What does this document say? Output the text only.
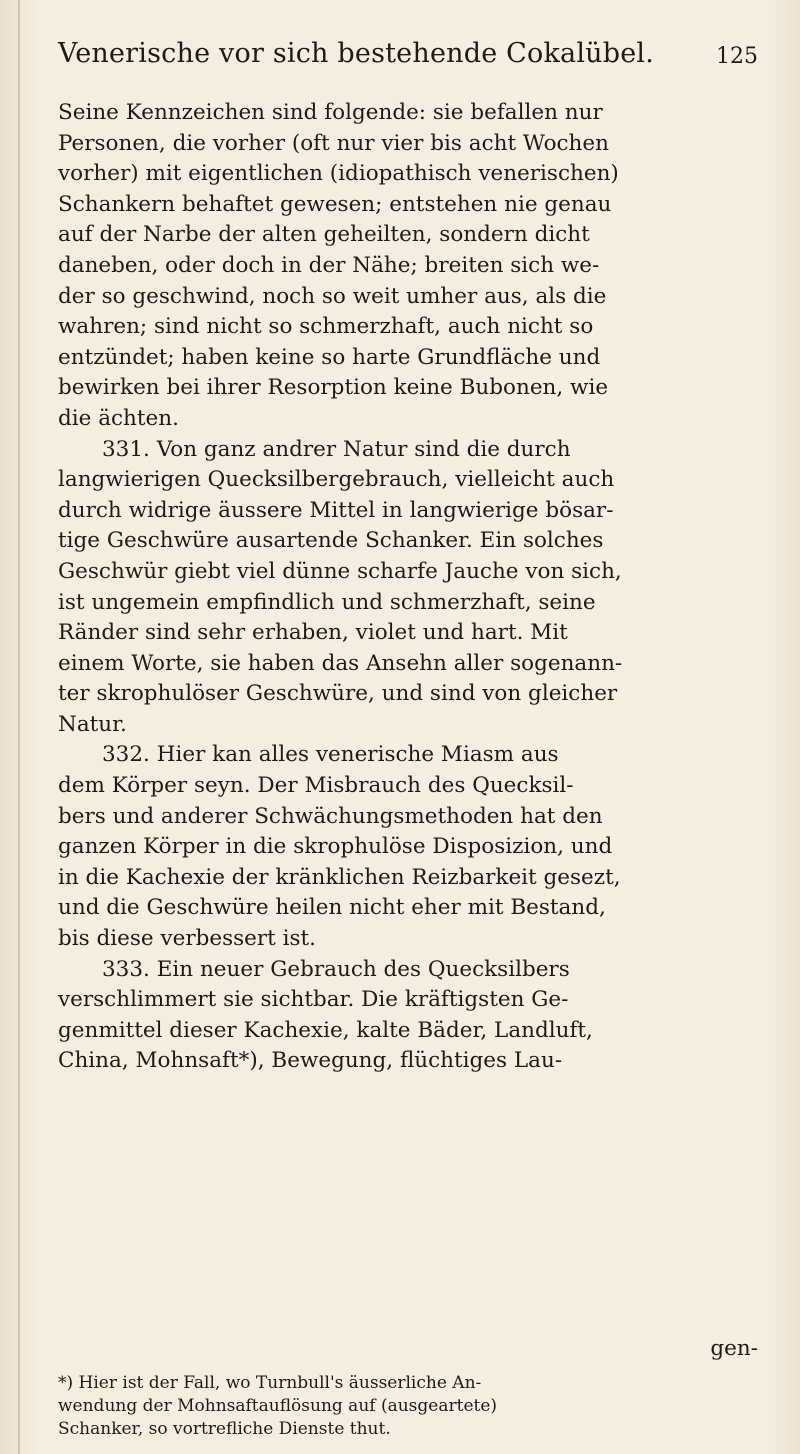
Venerische vor sich bestehende Cokalübel.	125
Seine Kennzeichen sind folgende: sie befallen nur
Personen, die vorher (oft nur vier bis acht Wochen
vorher) mit eigentlichen (idiopathisch venerischen)
Schankern behaftet gewesen; entstehen nie genau
auf der Narbe der alten geheilten, sondern dicht
daneben, oder doch in der Nähe; breiten sich we-
der so geschwind, noch so weit umher aus, als die
wahren; sind nicht so schmerzhaft, auch nicht so
entzündet; haben keine so harte Grundfläche und
bewirken bei ihrer Resorption keine Bubonen, wie
die ächten.
331. Von ganz andrer Natur sind die durch
langwierigen Quecksilbergebrauch, vielleicht auch
durch widrige äussere Mittel in langwierige bösar-
tige Geschwüre ausartende Schanker. Ein solches
Geschwür giebt viel dünne scharfe Jauche von sich,
ist ungemein empfindlich und schmerzhaft, seine
Ränder sind sehr erhaben, violet und hart. Mit
einem Worte, sie haben das Ansehn aller sogenann-
ter skrophulöser Geschwüre, und sind von gleicher
Natur.
332. Hier kan alles venerische Miasm aus
dem Körper seyn. Der Misbrauch des Quecksil-
bers und anderer Schwächungsmethoden hat den
ganzen Körper in die skrophulöse Disposizion, und
in die Kachexie der kränklichen Reizbarkeit gesezt,
und die Geschwüre heilen nicht eher mit Bestand,
bis diese verbessert ist.
333. Ein neuer Gebrauch des Quecksilbers
verschlimmert sie sichtbar. Die kräftigsten Ge-
genmittel dieser Kachexie, kalte Bäder, Landluft,
China, Mohnsaft*), Bewegung, flüchtiges Lau-
gen-
*) Hier ist der Fall, wo Turnbull's äusserliche An-
wendung der Mohnsaftauflösung auf (ausgeartete)
Schanker, so vortrefliche Dienste thut.
